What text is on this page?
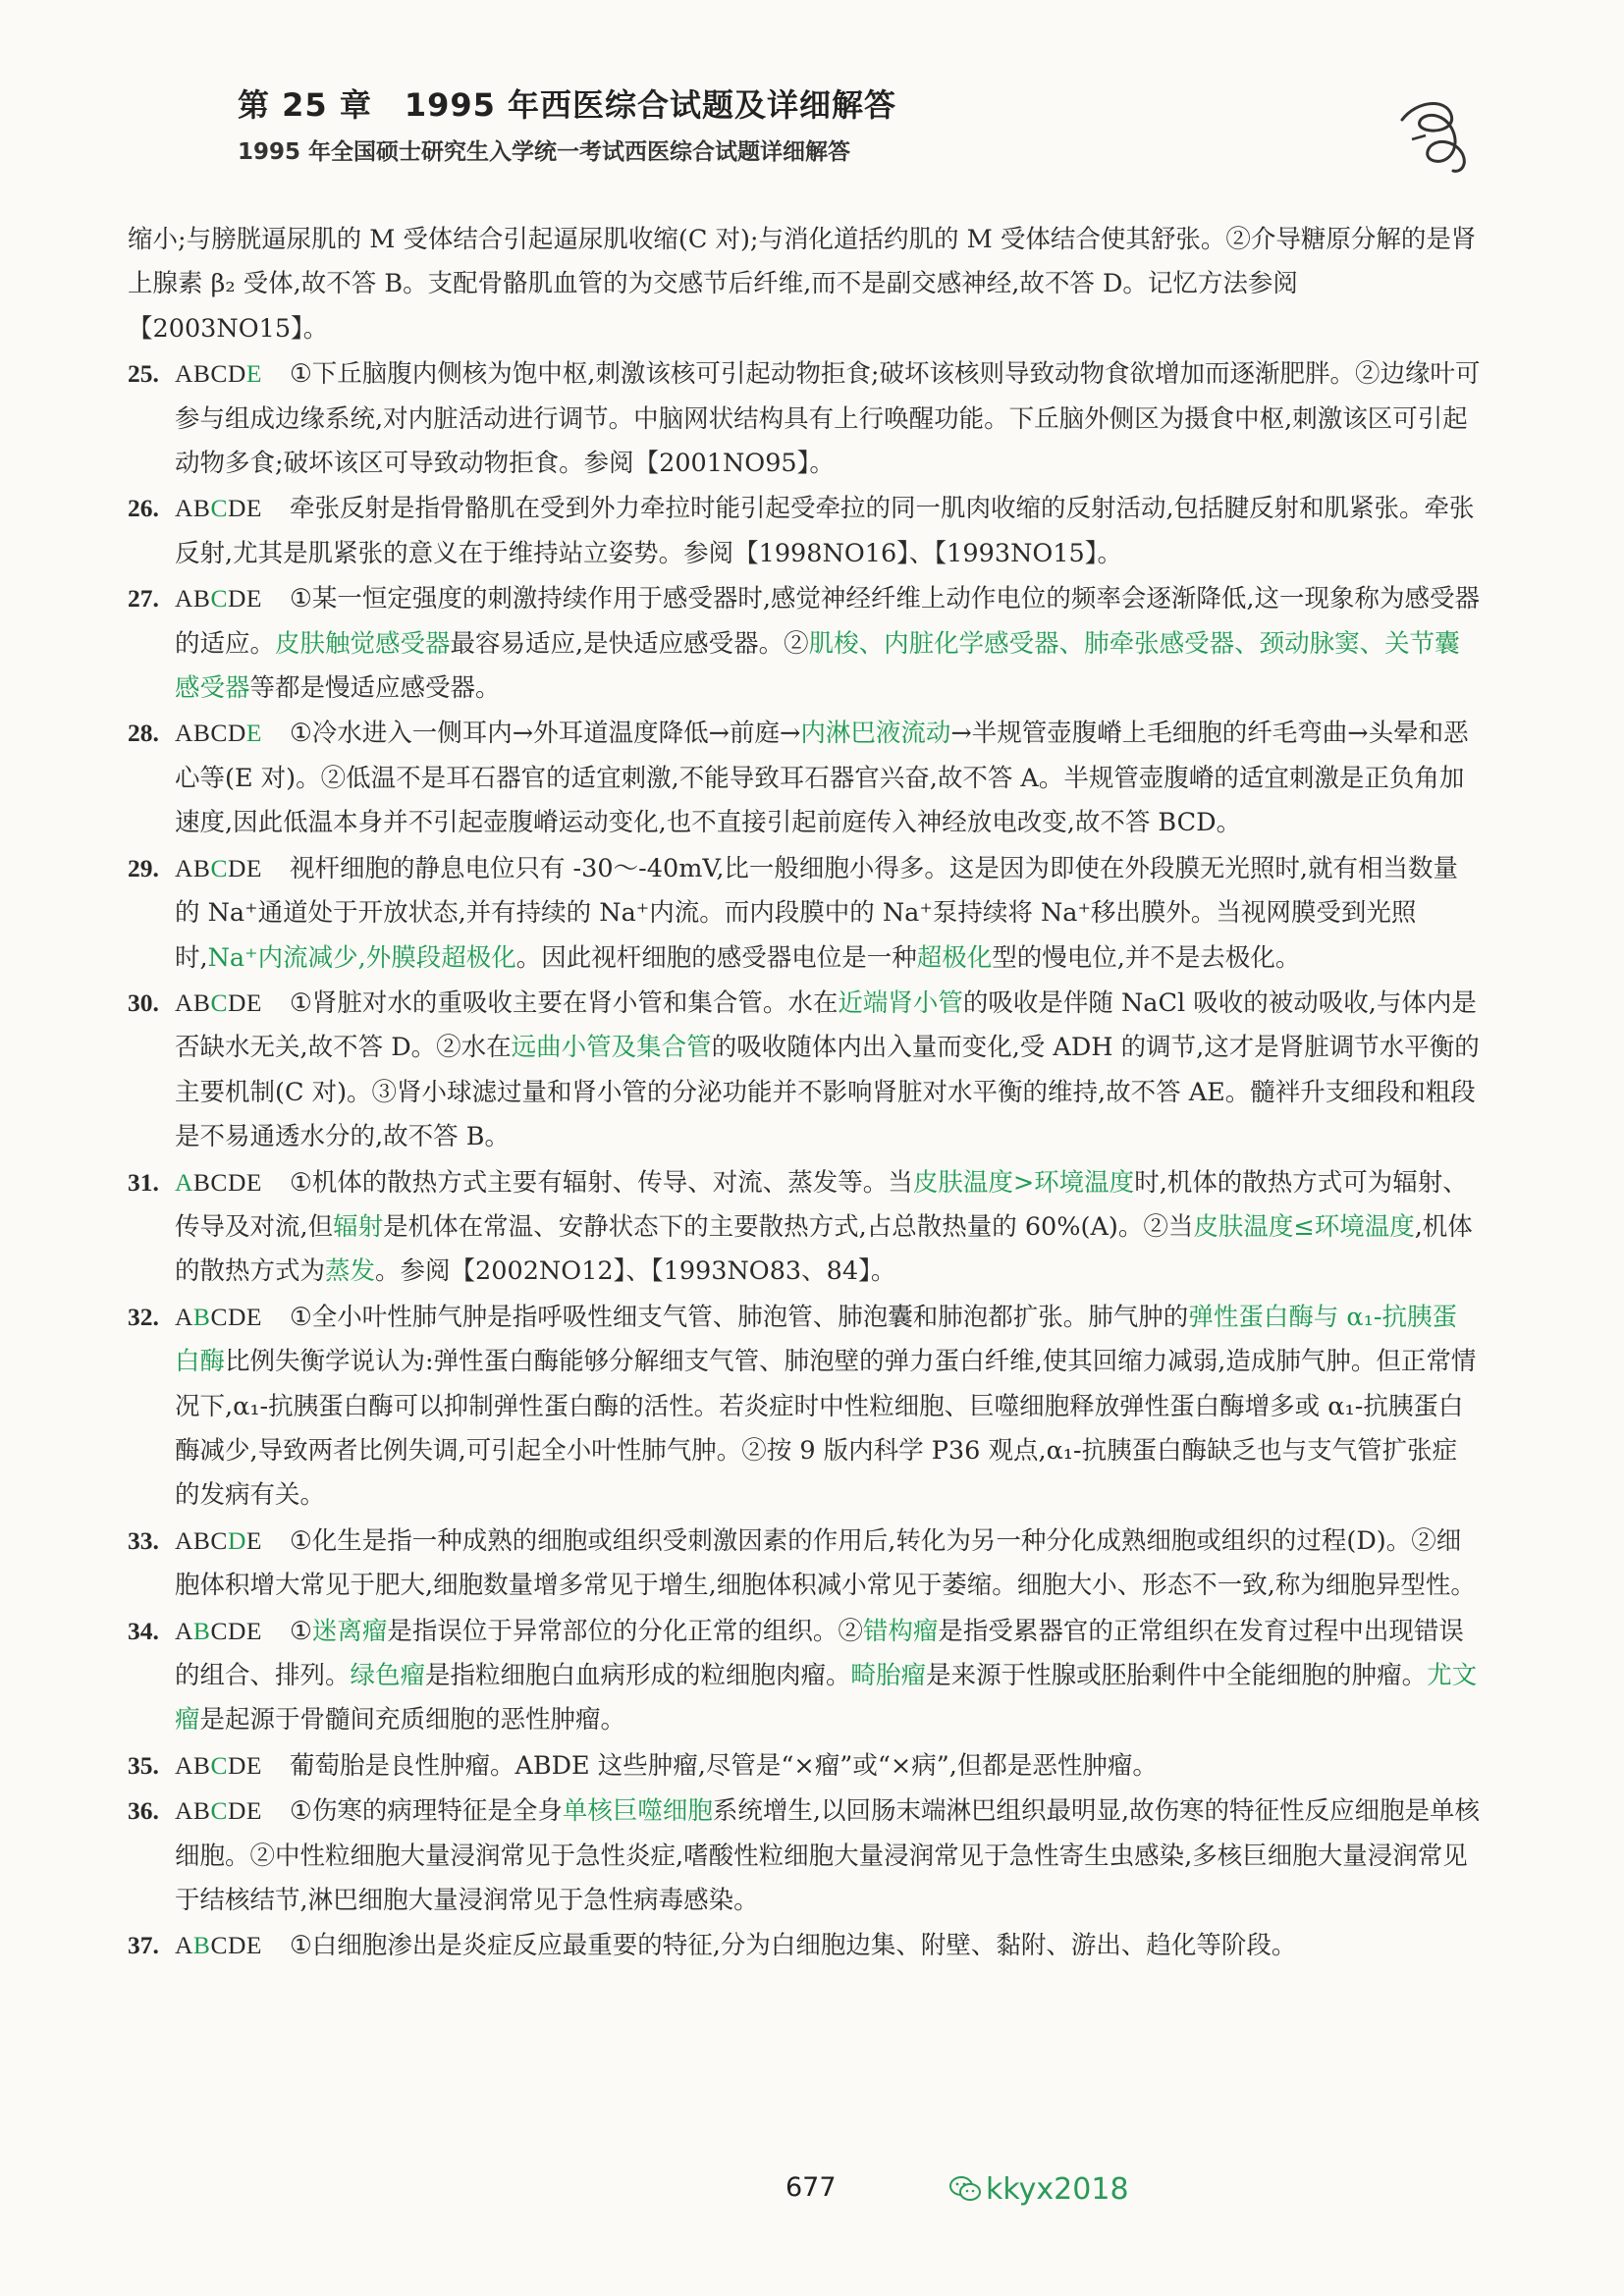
第 25 章　1995 年西医综合试题及详细解答
1995 年全国硕士研究生入学统一考试西医综合试题详细解答

缩小;与膀胱逼尿肌的 M 受体结合引起逼尿肌收缩(C 对);与消化道括约肌的 M 受体结合使其舒张。②介导糖原分解的是肾上腺素 β₂ 受体,故不答 B。支配骨骼肌血管的为交感节后纤维,而不是副交感神经,故不答 D。记忆方法参阅【2003NO15】。

25. ABCDE ①下丘脑腹内侧核为饱中枢,刺激该核可引起动物拒食;破坏该核则导致动物食欲增加而逐渐肥胖。②边缘叶可参与组成边缘系统,对内脏活动进行调节。中脑网状结构具有上行唤醒功能。下丘脑外侧区为摄食中枢,刺激该区可引起动物多食;破坏该区可导致动物拒食。参阅【2001NO95】。
26. ABCDE 牵张反射是指骨骼肌在受到外力牵拉时能引起受牵拉的同一肌肉收缩的反射活动,包括腱反射和肌紧张。牵张反射,尤其是肌紧张的意义在于维持站立姿势。参阅【1998NO16】、【1993NO15】。
27. ABCDE ①某一恒定强度的刺激持续作用于感受器时,感觉神经纤维上动作电位的频率会逐渐降低,这一现象称为感受器的适应。皮肤触觉感受器最容易适应,是快适应感受器。②肌梭、内脏化学感受器、肺牵张感受器、颈动脉窦、关节囊感受器等都是慢适应感受器。
28. ABCDE ①冷水进入一侧耳内→外耳道温度降低→前庭→内淋巴液流动→半规管壶腹嵴上毛细胞的纤毛弯曲→头晕和恶心等(E 对)。②低温不是耳石器官的适宜刺激,不能导致耳石器官兴奋,故不答 A。半规管壶腹嵴的适宜刺激是正负角加速度,因此低温本身并不引起壶腹嵴运动变化,也不直接引起前庭传入神经放电改变,故不答 BCD。
29. ABCDE 视杆细胞的静息电位只有 -30～-40mV,比一般细胞小得多。这是因为即使在外段膜无光照时,就有相当数量的 Na⁺通道处于开放状态,并有持续的 Na⁺内流。而内段膜中的 Na⁺泵持续将 Na⁺移出膜外。当视网膜受到光照时,Na⁺内流减少,外膜段超极化。因此视杆细胞的感受器电位是一种超极化型的慢电位,并不是去极化。
30. ABCDE ①肾脏对水的重吸收主要在肾小管和集合管。水在近端肾小管的吸收是伴随 NaCl 吸收的被动吸收,与体内是否缺水无关,故不答 D。②水在远曲小管及集合管的吸收随体内出入量而变化,受 ADH 的调节,这才是肾脏调节水平衡的主要机制(C 对)。③肾小球滤过量和肾小管的分泌功能并不影响肾脏对水平衡的维持,故不答 AE。髓袢升支细段和粗段是不易通透水分的,故不答 B。
31. ABCDE ①机体的散热方式主要有辐射、传导、对流、蒸发等。当皮肤温度>环境温度时,机体的散热方式可为辐射、传导及对流,但辐射是机体在常温、安静状态下的主要散热方式,占总散热量的 60%(A)。②当皮肤温度≤环境温度,机体的散热方式为蒸发。参阅【2002NO12】、【1993NO83、84】。
32. ABCDE ①全小叶性肺气肿是指呼吸性细支气管、肺泡管、肺泡囊和肺泡都扩张。肺气肿的弹性蛋白酶与 α₁-抗胰蛋白酶比例失衡学说认为:弹性蛋白酶能够分解细支气管、肺泡壁的弹力蛋白纤维,使其回缩力减弱,造成肺气肿。但正常情况下,α₁-抗胰蛋白酶可以抑制弹性蛋白酶的活性。若炎症时中性粒细胞、巨噬细胞释放弹性蛋白酶增多或 α₁-抗胰蛋白酶减少,导致两者比例失调,可引起全小叶性肺气肿。②按 9 版内科学 P36 观点,α₁-抗胰蛋白酶缺乏也与支气管扩张症的发病有关。
33. ABCDE ①化生是指一种成熟的细胞或组织受刺激因素的作用后,转化为另一种分化成熟细胞或组织的过程(D)。②细胞体积增大常见于肥大,细胞数量增多常见于增生,细胞体积减小常见于萎缩。细胞大小、形态不一致,称为细胞异型性。
34. ABCDE ①迷离瘤是指误位于异常部位的分化正常的组织。②错构瘤是指受累器官的正常组织在发育过程中出现错误的组合、排列。绿色瘤是指粒细胞白血病形成的粒细胞肉瘤。畸胎瘤是来源于性腺或胚胎剩件中全能细胞的肿瘤。尤文瘤是起源于骨髓间充质细胞的恶性肿瘤。
35. ABCDE 葡萄胎是良性肿瘤。ABDE 这些肿瘤,尽管是“×瘤”或“×病”,但都是恶性肿瘤。
36. ABCDE ①伤寒的病理特征是全身单核巨噬细胞系统增生,以回肠末端淋巴组织最明显,故伤寒的特征性反应细胞是单核细胞。②中性粒细胞大量浸润常见于急性炎症,嗜酸性粒细胞大量浸润常见于急性寄生虫感染,多核巨细胞大量浸润常见于结核结节,淋巴细胞大量浸润常见于急性病毒感染。
37. ABCDE ①白细胞渗出是炎症反应最重要的特征,分为白细胞边集、附壁、黏附、游出、趋化等阶段。
677	kkyx2018
